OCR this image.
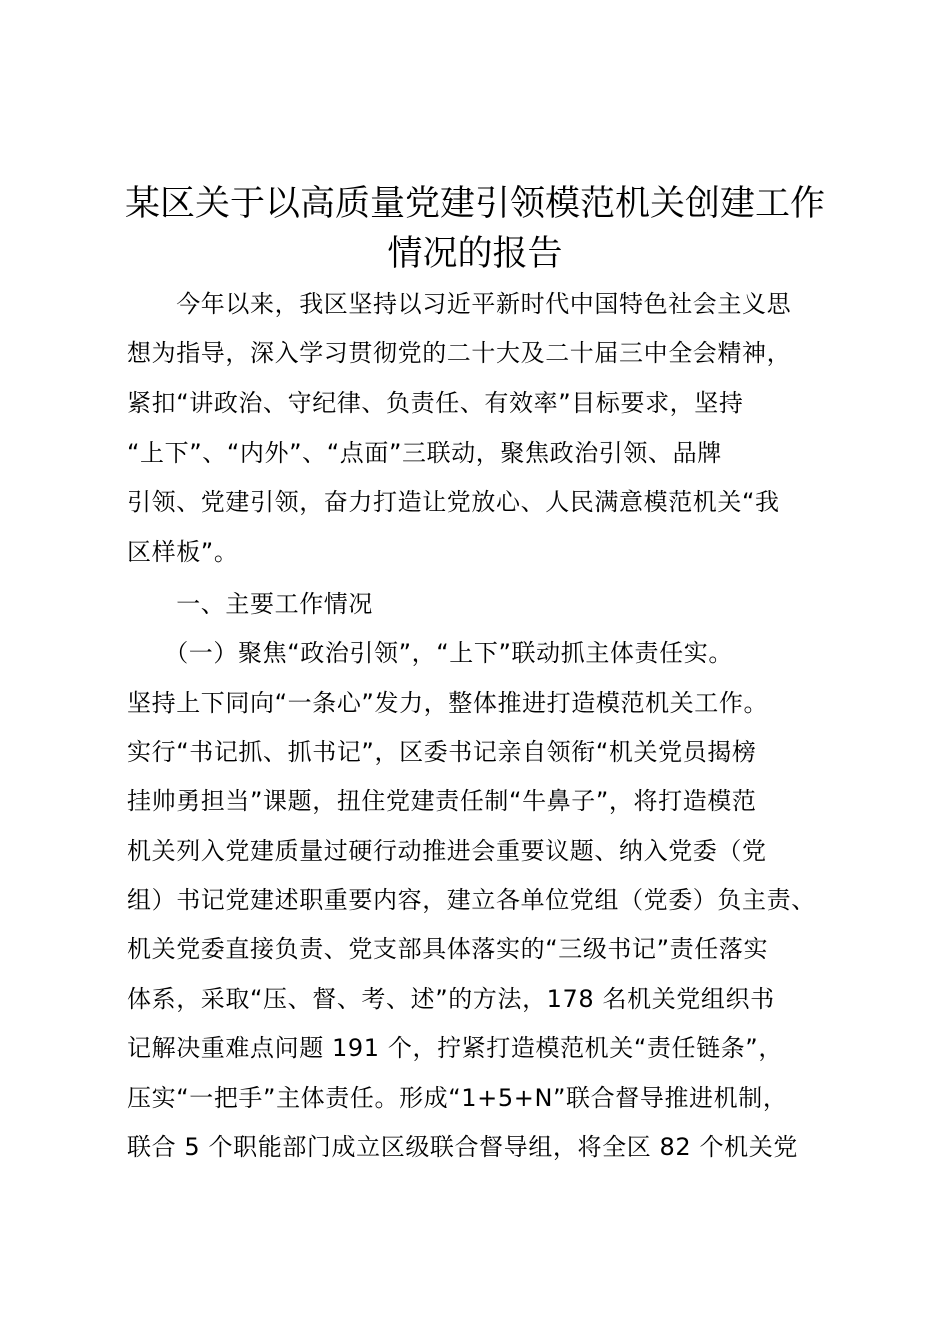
某区关于以高质量党建引领模范机关创建工作
情况的报告

　　今年以来，我区坚持以习近平新时代中国特色社会主义思

想为指导，深入学习贯彻党的二十大及二十届三中全会精神，

紧扣“讲政治、守纪律、负责任、有效率”目标要求，坚持

“上下”、“内外”、“点面”三联动，聚焦政治引领、品牌

引领、党建引领，奋力打造让党放心、人民满意模范机关“我

区样板”。

　　一、主要工作情况

　　（一）聚焦“政治引领”，“上下”联动抓主体责任实。

坚持上下同向“一条心”发力，整体推进打造模范机关工作。

实行“书记抓、抓书记”，区委书记亲自领衔“机关党员揭榜

挂帅勇担当”课题，扭住党建责任制“牛鼻子”，将打造模范

机关列入党建质量过硬行动推进会重要议题、纳入党委（党

组）书记党建述职重要内容，建立各单位党组（党委）负主责、

机关党委直接负责、党支部具体落实的“三级书记”责任落实

体系，采取“压、督、考、述”的方法，178 名机关党组织书

记解决重难点问题 191 个，拧紧打造模范机关“责任链条”，

压实“一把手”主体责任。形成“1+5+N”联合督导推进机制，

联合 5 个职能部门成立区级联合督导组，将全区 82 个机关党
